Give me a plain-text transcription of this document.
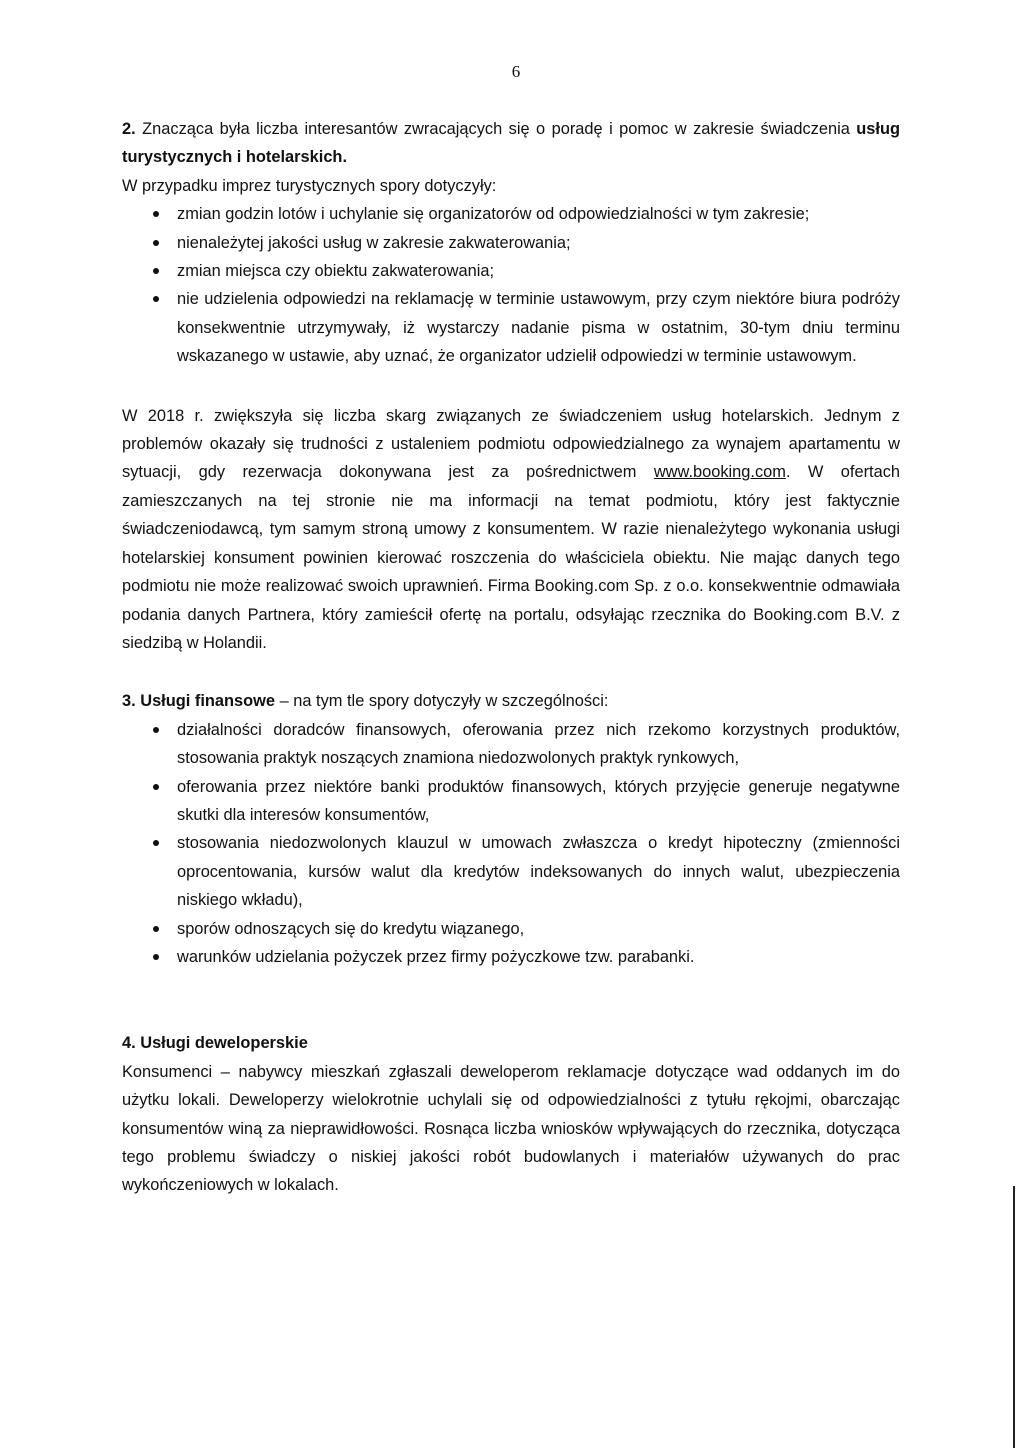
6

2. Znacząca była liczba interesantów zwracających się o poradę i pomoc w zakresie świadczenia usług turystycznych i hotelarskich.

W przypadku imprez turystycznych spory dotyczyły:

zmian godzin lotów i uchylanie się organizatorów od odpowiedzialności w tym zakresie;
nienależytej jakości usług w zakresie zakwaterowania;
zmian miejsca czy obiektu zakwaterowania;
nie udzielenia odpowiedzi na reklamację w terminie ustawowym, przy czym niektóre biura podróży konsekwentnie utrzymywały, iż wystarczy nadanie pisma w ostatnim, 30-tym dniu terminu wskazanego w ustawie, aby uznać, że organizator udzielił odpowiedzi w terminie ustawowym.

W 2018 r. zwiększyła się liczba skarg związanych ze świadczeniem usług hotelarskich. Jednym z problemów okazały się trudności z ustaleniem podmiotu odpowiedzialnego za wynajem apartamentu w sytuacji, gdy rezerwacja dokonywana jest za pośrednictwem www.booking.com. W ofertach zamieszczanych na tej stronie nie ma informacji na temat podmiotu, który jest faktycznie świadczeniodawcą, tym samym stroną umowy z konsumentem. W razie nienależytego wykonania usługi hotelarskiej konsument powinien kierować roszczenia do właściciela obiektu. Nie mając danych tego podmiotu nie może realizować swoich uprawnień. Firma Booking.com Sp. z o.o. konsekwentnie odmawiała podania danych Partnera, który zamieścił ofertę na portalu, odsyłając rzecznika do Booking.com B.V. z siedzibą w Holandii.

3. Usługi finansowe – na tym tle spory dotyczyły w szczególności:

działalności doradców finansowych, oferowania przez nich rzekomo korzystnych produktów, stosowania praktyk noszących znamiona niedozwolonych praktyk rynkowych,
oferowania przez niektóre banki produktów finansowych, których przyjęcie generuje negatywne skutki dla interesów konsumentów,
stosowania niedozwolonych klauzul w umowach zwłaszcza o kredyt hipoteczny (zmienności oprocentowania, kursów walut dla kredytów indeksowanych do innych walut, ubezpieczenia niskiego wkładu),
sporów odnoszących się do kredytu wiązanego,
warunków udzielania pożyczek przez firmy pożyczkowe tzw. parabanki.

4. Usługi deweloperskie

Konsumenci – nabywcy mieszkań zgłaszali deweloperom reklamacje dotyczące wad oddanych im do użytku lokali. Deweloperzy wielokrotnie uchylali się od odpowiedzialności z tytułu rękojmi, obarczając konsumentów winą za nieprawidłowości. Rosnąca liczba wniosków wpływających do rzecznika, dotycząca tego problemu świadczy o niskiej jakości robót budowlanych i materiałów używanych do prac wykończeniowych w lokalach.
